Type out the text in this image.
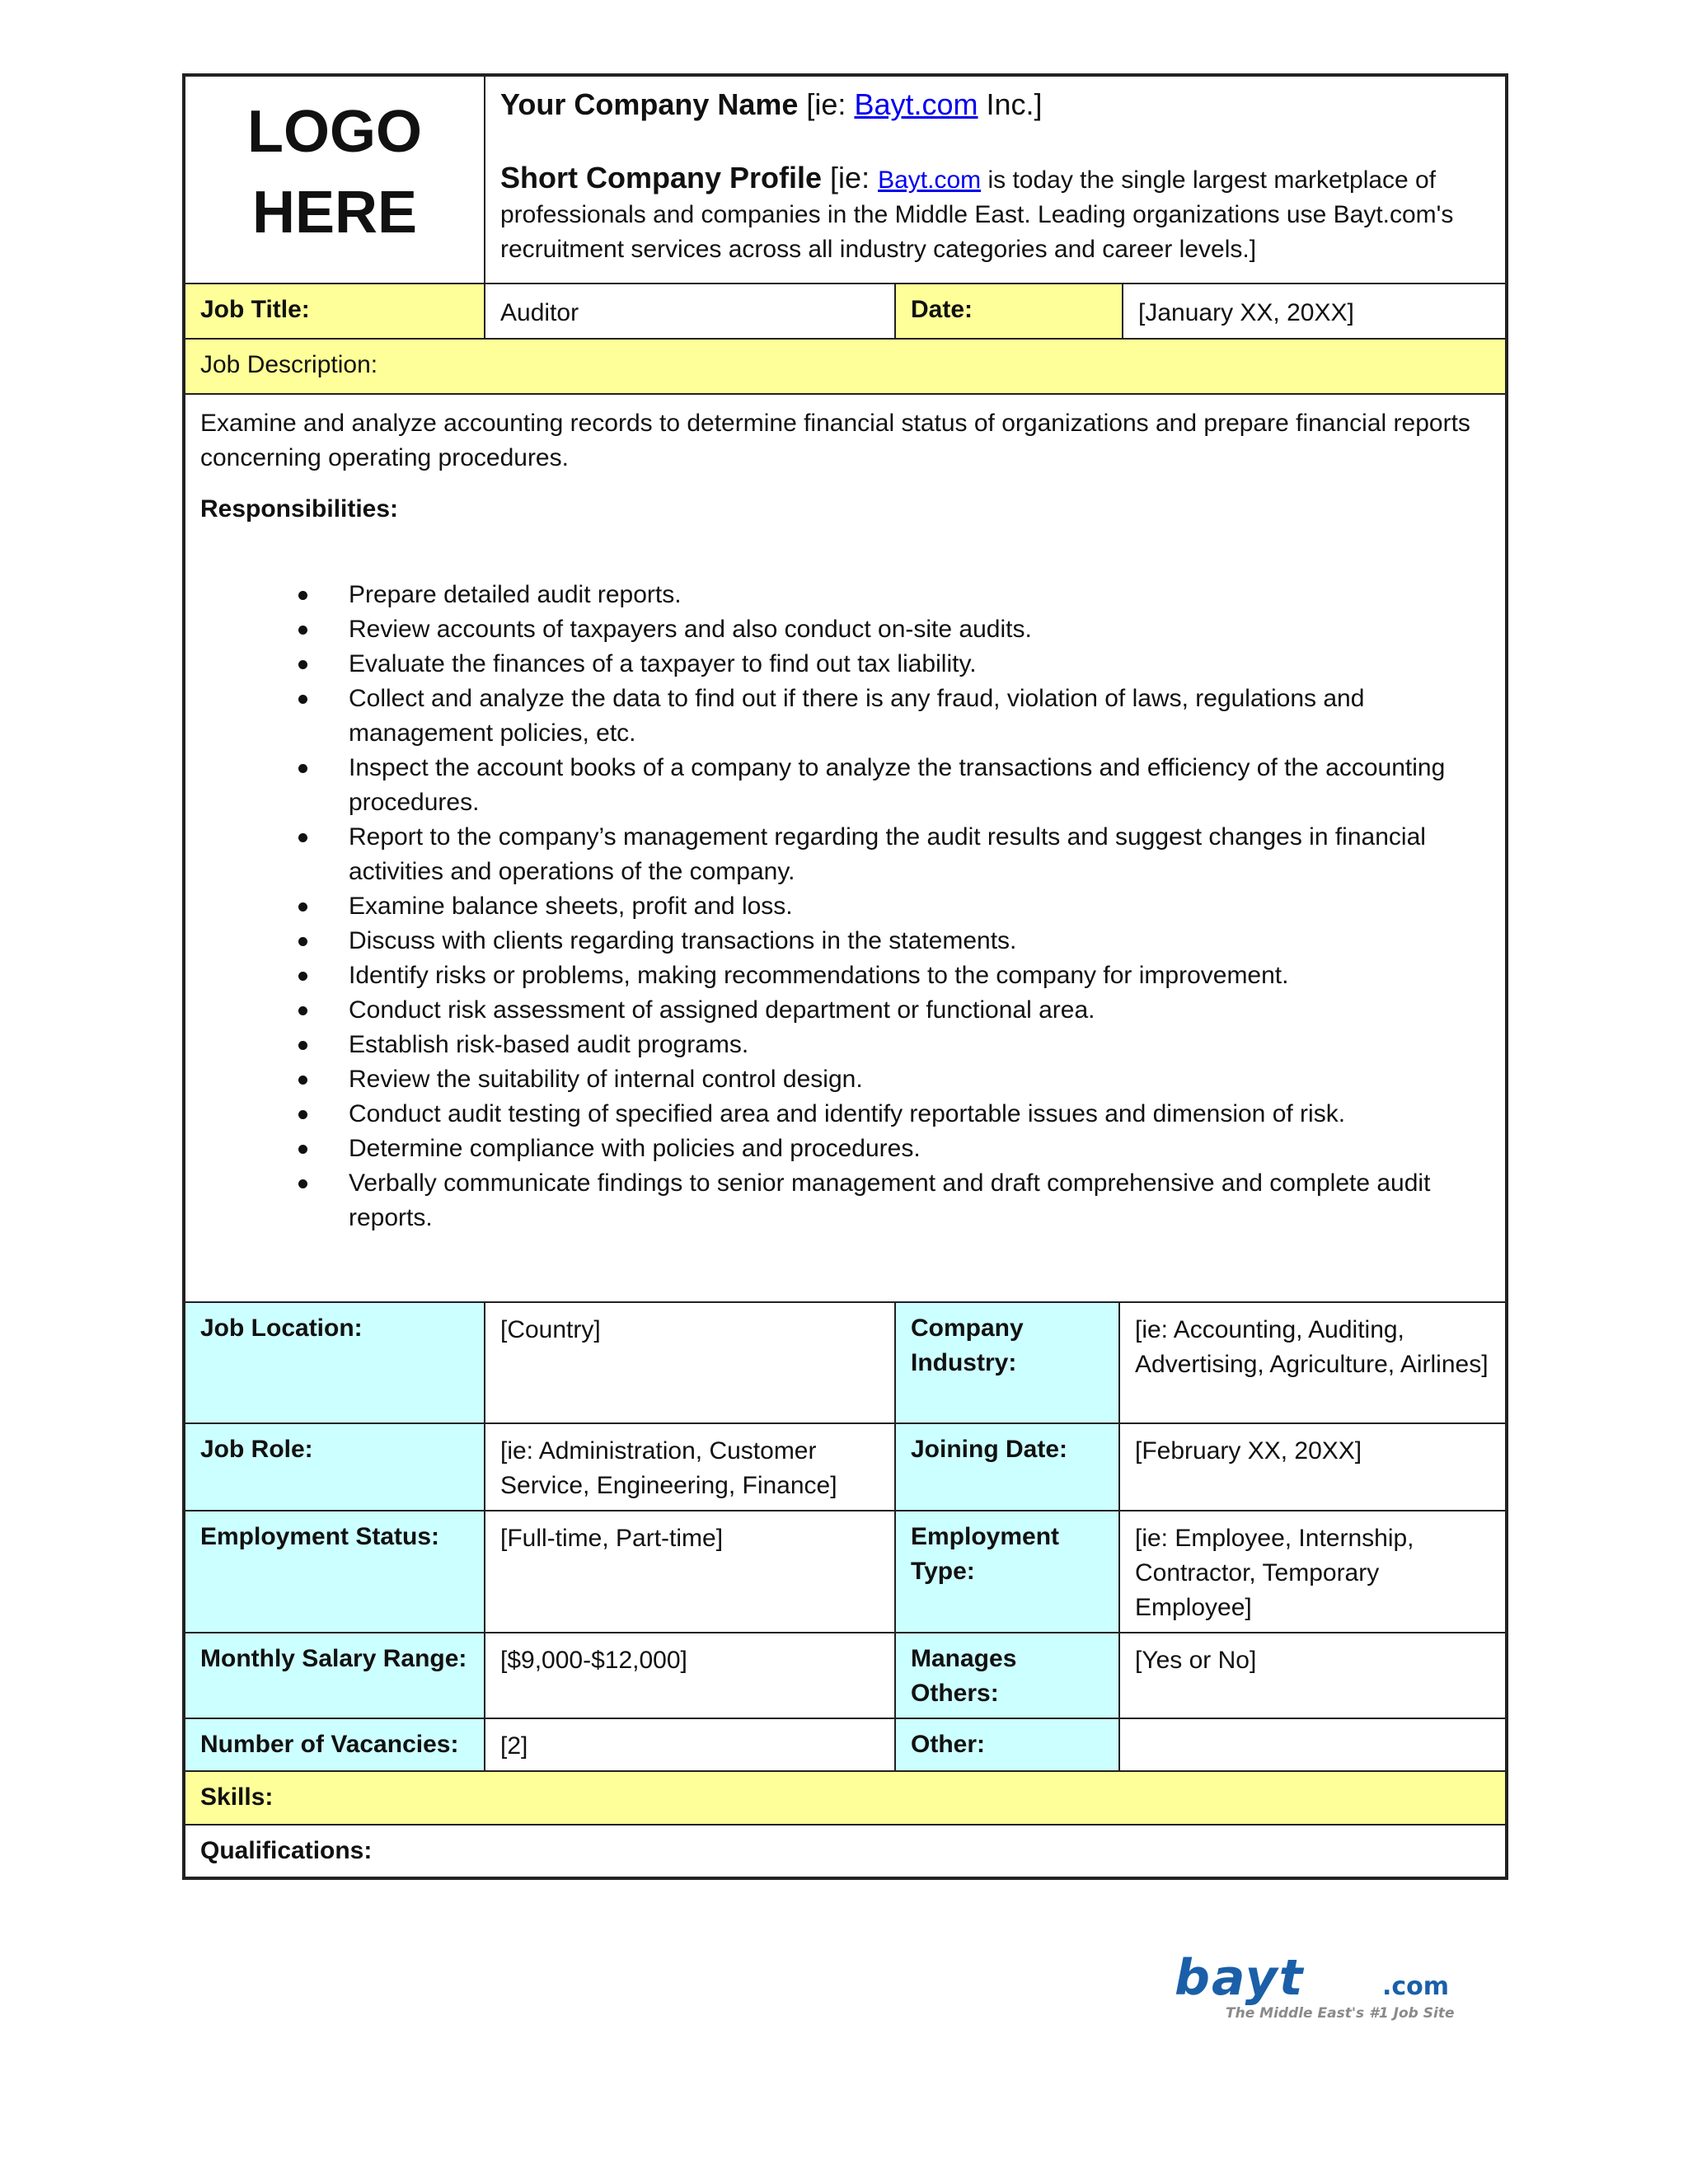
LOGO
HERE

Your Company Name [ie: Bayt.com Inc.]
Short Company Profile [ie: Bayt.com is today the single largest marketplace of professionals and companies in the Middle East. Leading organizations use Bayt.com's recruitment services across all industry categories and career levels.]
Job Title:	Auditor	Date:	[January XX, 20XX]
Job Description:

Examine and analyze accounting records to determine financial status of organizations and prepare financial reports concerning operating procedures.

Responsibilities:

Prepare detailed audit reports.
Review accounts of taxpayers and also conduct on-site audits.
Evaluate the finances of a taxpayer to find out tax liability.
Collect and analyze the data to find out if there is any fraud, violation of laws, regulations and management policies, etc.
Inspect the account books of a company to analyze the transactions and efficiency of the accounting procedures.
Report to the company’s management regarding the audit results and suggest changes in financial activities and operations of the company.
Examine balance sheets, profit and loss.
Discuss with clients regarding transactions in the statements.
Identify risks or problems, making recommendations to the company for improvement.
Conduct risk assessment of assigned department or functional area.
Establish risk-based audit programs.
Review the suitability of internal control design.
Conduct audit testing of specified area and identify reportable issues and dimension of risk.
Determine compliance with policies and procedures.
Verbally communicate findings to senior management and draft comprehensive and complete audit reports.
Job Location:	[Country]	Company Industry:	[ie: Accounting, Auditing, Advertising, Agriculture, Airlines]
Job Role:	[ie: Administration, Customer Service, Engineering, Finance]	Joining Date:	[February XX, 20XX]
Employment Status:	[Full-time, Part-time]	Employment Type:	[ie: Employee, Internship, Contractor, Temporary Employee]
Monthly Salary Range:	[$9,000-$12,000]	Manages Others:	[Yes or No]
Number of Vacancies:	[2]	Other:	
Skills:
Qualifications:
bayt	.com
The Middle East's #1 Job Site
